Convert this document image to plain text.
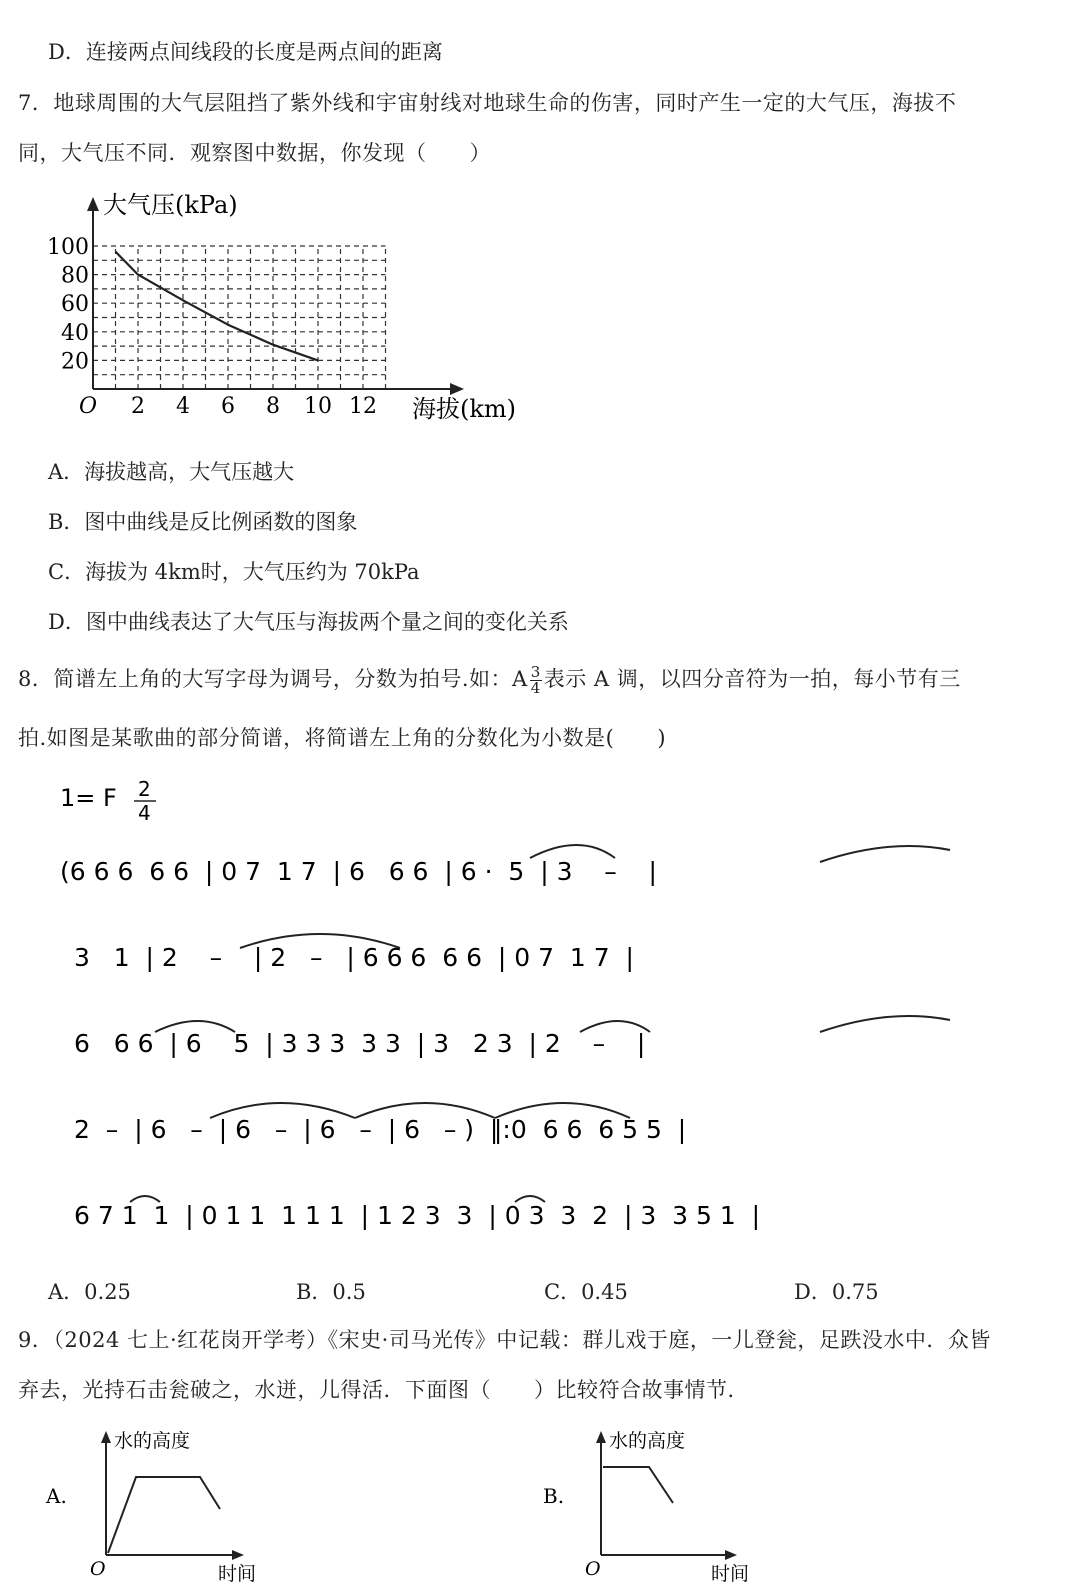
D．连接两点间线段的长度是两点间的距离
7．地球周围的大气层阻挡了紫外线和宇宙射线对地球生命的伤害，同时产生一定的大气压，海拔不
同，大气压不同．观察图中数据，你发现（　　）
大气压(kPa)
海拔(km)
O 2 4 6 8 10 12
20
40
60
80
100
A．海拔越高，大气压越大
B．图中曲线是反比例函数的图象
C．海拔为 4km时，大气压约为 70kPa
D．图中曲线表达了大气压与海拔两个量之间的变化关系
8．简谱左上角的大写字母为调号，分数为拍号.如：A $\frac{3}{4}$ 表示 A 调，以四分音符为一拍，每小节有三
拍.如图是某歌曲的部分简谱，将简谱左上角的分数化为小数是(　　)
1= F 2
4
(6 6 6  6 6  | 0 7  1 7  | 6   6 6  | 6 ·  5  | 3    –    |
3   1  | 2    –    | 2   –   | 6 6 6  6 6  | 0 7  1 7  |
6   6 6  | 6    5  | 3 3 3  3 3  | 3   2 3  | 2    –    |
2  –  | 6   –  | 6   –  | 6   –  | 6   – )  ‖:0  6 6  6 5 5  |
6 7 1  1  | 0 1 1  1 1 1  | 1 2 3  3  | 0 3  3  2  | 3  3 5 1  |
A．0.25	B．0.5	C．0.45	D．0.75
9．（2024 七上·红花岗开学考）《宋史·司马光传》中记载：群儿戏于庭，一儿登瓮，足跌没水中．众皆
弃去，光持石击瓮破之，水迸，儿得活．下面图（　　）比较符合故事情节．
A.
水的高度
时间
O
B.
水的高度
时间
O
